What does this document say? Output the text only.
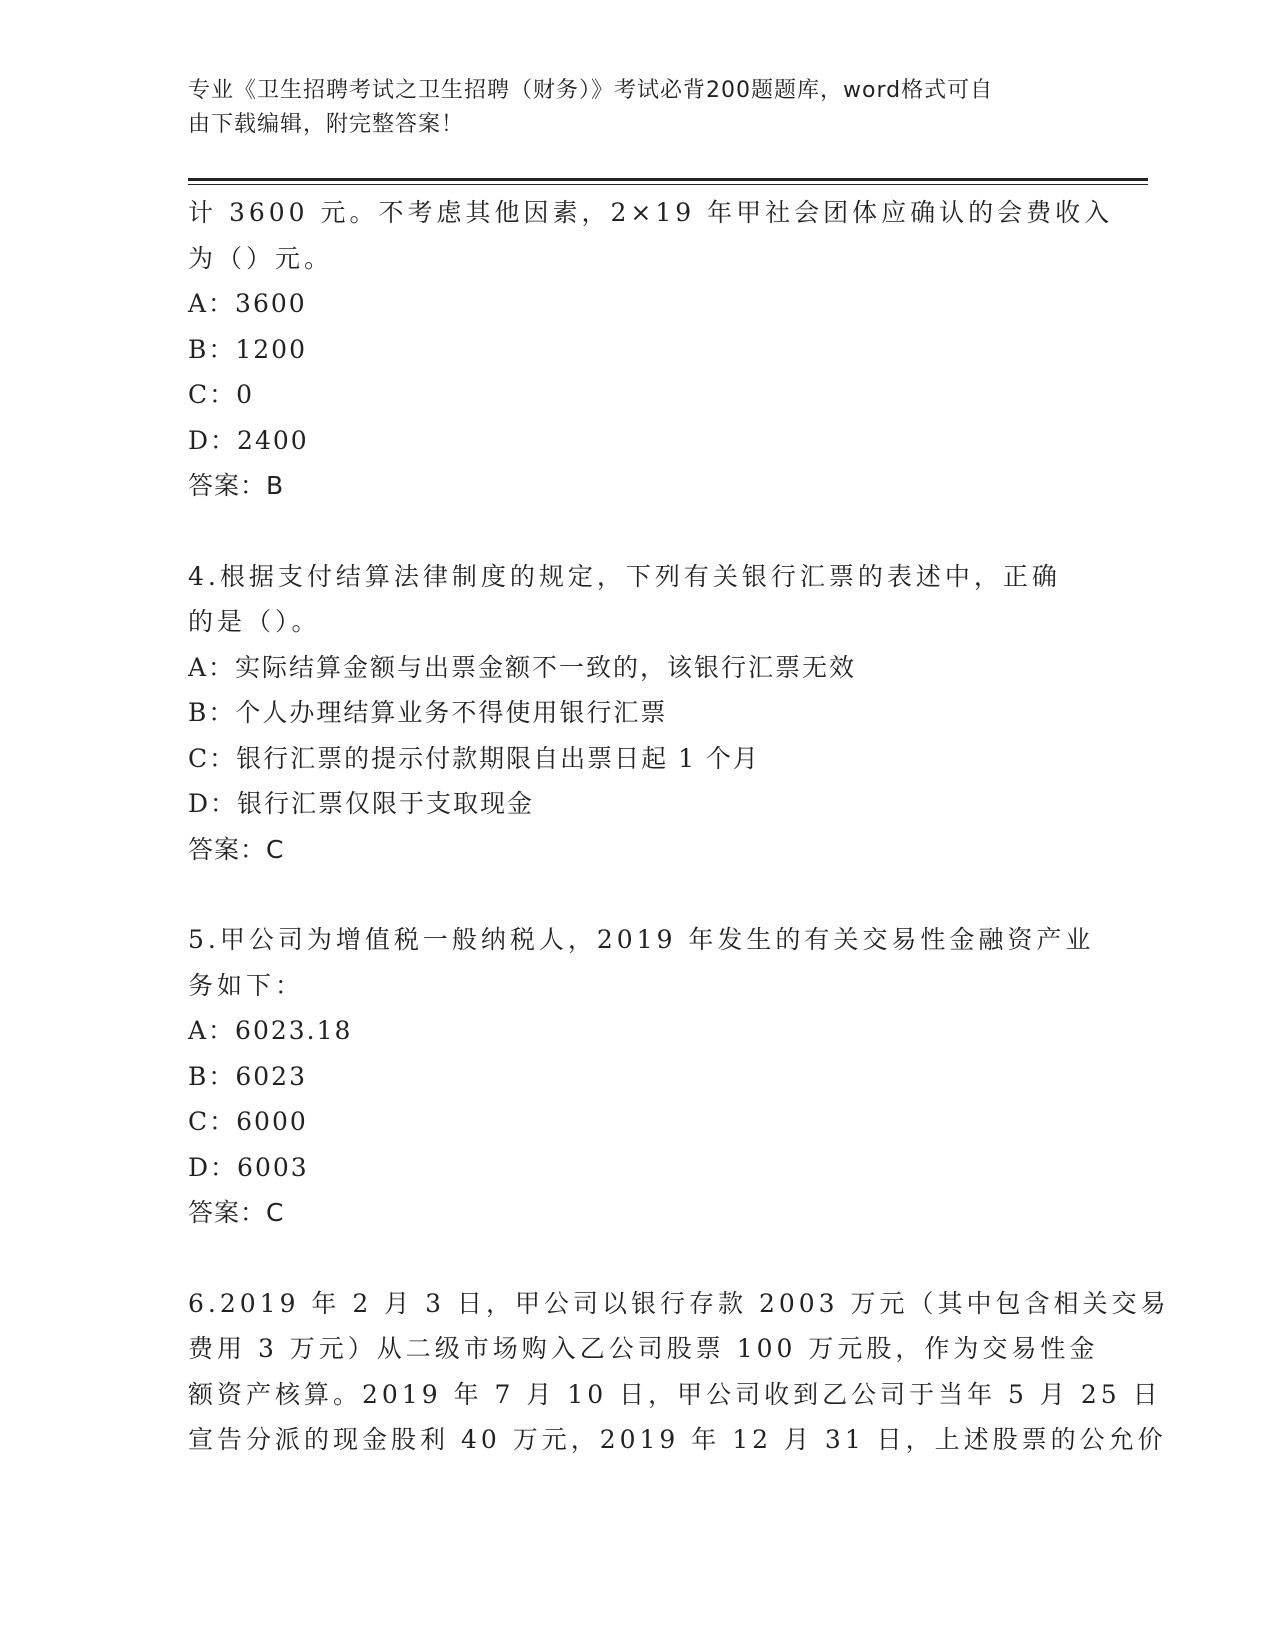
专业《卫生招聘考试之卫生招聘（财务）》考试必背200题题库，word格式可自
由下载编辑，附完整答案！
计 3600 元。不考虑其他因素，2×19 年甲社会团体应确认的会费收入
为（）元。
A：3600
B：1200
C：0
D：2400
答案：B
4.根据支付结算法律制度的规定，下列有关银行汇票的表述中，正确
的是（）。
A：实际结算金额与出票金额不一致的，该银行汇票无效
B：个人办理结算业务不得使用银行汇票
C：银行汇票的提示付款期限自出票日起 1 个月
D：银行汇票仅限于支取现金
答案：C
5.甲公司为增值税一般纳税人，2019 年发生的有关交易性金融资产业
务如下：
A：6023.18
B：6023
C：6000
D：6003
答案：C
6.2019 年 2 月 3 日，甲公司以银行存款 2003 万元（其中包含相关交易
费用 3 万元）从二级市场购入乙公司股票 100 万元股，作为交易性金
额资产核算。2019 年 7 月 10 日，甲公司收到乙公司于当年 5 月 25 日
宣告分派的现金股利 40 万元，2019 年 12 月 31 日，上述股票的公允价
